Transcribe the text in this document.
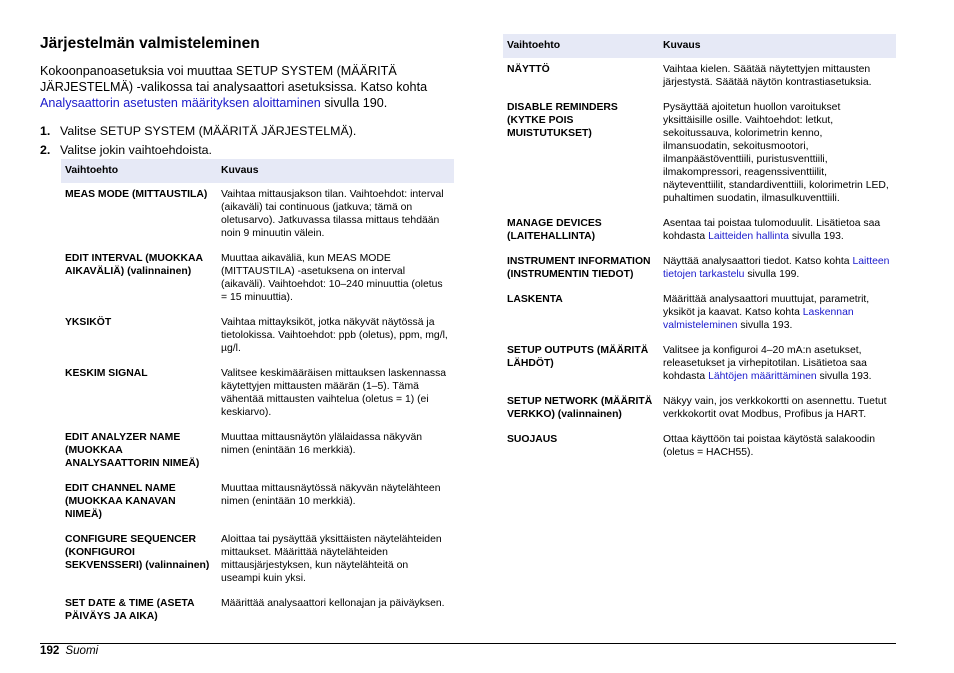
Järjestelmän valmisteleminen

Kokoonpanoasetuksia voi muuttaa SETUP SYSTEM (MÄÄRITÄ JÄRJESTELMÄ) -valikossa tai analysaattori asetuksissa. Katso kohta Analysaattorin asetusten määrityksen aloittaminen sivulla 190.

1. Valitse SETUP SYSTEM (MÄÄRITÄ JÄRJESTELMÄ).
2. Valitse jokin vaihtoehdoista.
Vaihtoehto	Kuvaus
MEAS MODE (MITTAUSTILA)	Vaihtaa mittausjakson tilan. Vaihtoehdot: interval (aikaväli) tai continuous (jatkuva; tämä on oletusarvo). Jatkuvassa tilassa mittaus tehdään noin 9 minuutin välein.
EDIT INTERVAL (MUOKKAA AIKAVÄLIÄ) (valinnainen)	Muuttaa aikaväliä, kun MEAS MODE (MITTAUSTILA) -asetuksena on interval (aikaväli). Vaihtoehdot: 10–240 minuuttia (oletus = 15 minuuttia).
YKSIKÖT	Vaihtaa mittayksiköt, jotka näkyvät näytössä ja tietolokissa. Vaihtoehdot: ppb (oletus), ppm, mg/l, µg/l.
KESKIM SIGNAL	Valitsee keskimääräisen mittauksen laskennassa käytettyjen mittausten määrän (1–5). Tämä vähentää mittausten vaihtelua (oletus = 1) (ei keskiarvo).
EDIT ANALYZER NAME (MUOKKAA ANALYSAATTORIN NIMEÄ)	Muuttaa mittausnäytön ylälaidassa näkyvän nimen (enintään 16 merkkiä).
EDIT CHANNEL NAME (MUOKKAA KANAVAN NIMEÄ)	Muuttaa mittausnäytössä näkyvän näytelähteen nimen (enintään 10 merkkiä).
CONFIGURE SEQUENCER (KONFIGUROI SEKVENSSERI) (valinnainen)	Aloittaa tai pysäyttää yksittäisten näytelähteiden mittaukset. Määrittää näytelähteiden mittausjärjestyksen, kun näytelähteitä on useampi kuin yksi.
SET DATE & TIME (ASETA PÄIVÄYS JA AIKA)	Määrittää analysaattori kellonajan ja päiväyksen.
Vaihtoehto	Kuvaus
NÄYTTÖ	Vaihtaa kielen. Säätää näytettyjen mittausten järjestystä. Säätää näytön kontrastiasetuksia.
DISABLE REMINDERS (KYTKE POIS MUISTUTUKSET)	Pysäyttää ajoitetun huollon varoitukset yksittäisille osille. Vaihtoehdot: letkut, sekoitussauva, kolorimetrin kenno, ilmansuodatin, sekoitusmootori, ilmanpäästöventtiili, puristusventtiili, ilmakompressori, reagenssiventtiilit, näyteventtiilit, standardiventtiili, kolorimetrin LED, puhaltimen suodatin, ilmasulkuventtiili.
MANAGE DEVICES (LAITEHALLINTA)	Asentaa tai poistaa tulomoduulit. Lisätietoa saa kohdasta Laitteiden hallinta sivulla 193.
INSTRUMENT INFORMATION (INSTRUMENTIN TIEDOT)	Näyttää analysaattori tiedot. Katso kohta Laitteen tietojen tarkastelu sivulla 199.
LASKENTA	Määrittää analysaattori muuttujat, parametrit, yksiköt ja kaavat. Katso kohta Laskennan valmisteleminen sivulla 193.
SETUP OUTPUTS (MÄÄRITÄ LÄHDÖT)	Valitsee ja konfiguroi 4–20 mA:n asetukset, releasetukset ja virhepitotilan. Lisätietoa saa kohdasta Lähtöjen määrittäminen sivulla 193.
SETUP NETWORK (MÄÄRITÄ VERKKO) (valinnainen)	Näkyy vain, jos verkkokortti on asennettu. Tuetut verkkokortit ovat Modbus, Profibus ja HART.
SUOJAUS	Ottaa käyttöön tai poistaa käytöstä salakoodin (oletus = HACH55).
192 Suomi
